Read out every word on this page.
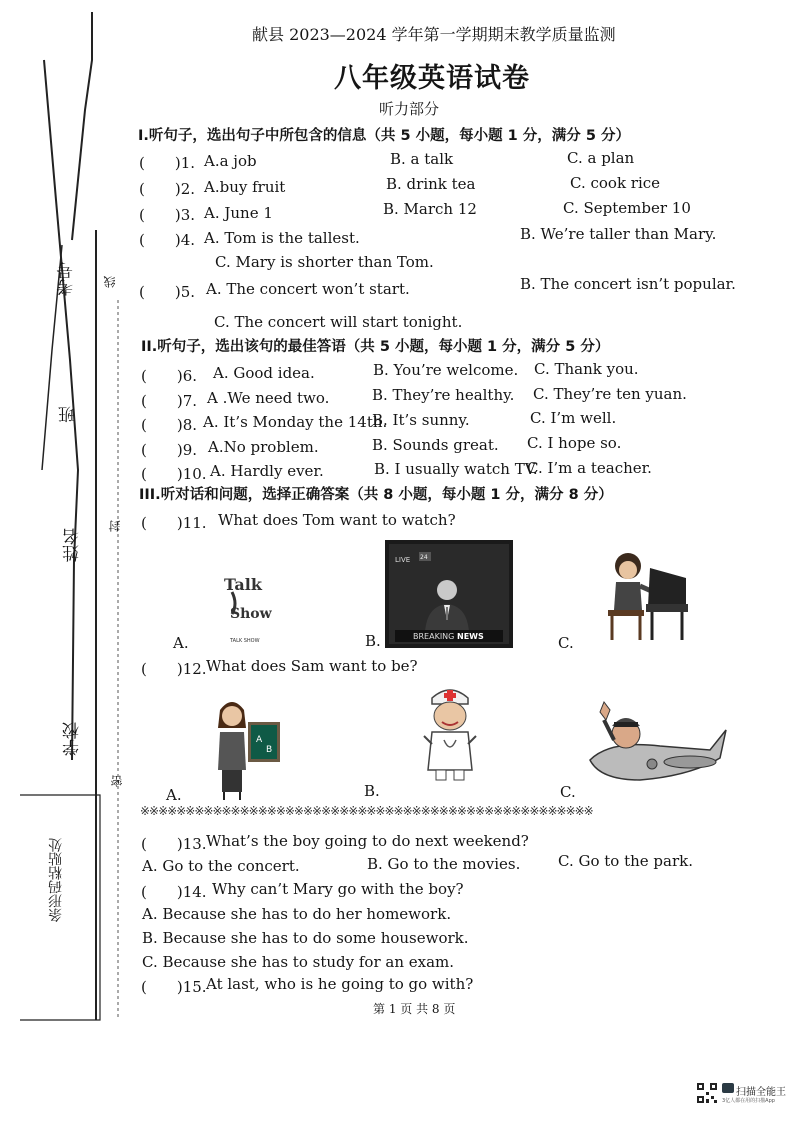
考号
班
姓名
学校
线
封
密
条形码粘贴处
献县 2023—2024 学年第一学期期末教学质量监测
八年级英语试卷
听力部分
I.听句子，选出句子中所包含的信息（共 5 小题，每小题 1 分，满分 5 分）
(　　)1. A.a job	B. a talk	C. a plan
(　　)2. A.buy fruit	B. drink tea	C. cook rice
(　　)3. A. June 1	B. March 12	C. September 10
(　　)4. A. Tom is the tallest.	B. We’re taller than Mary.
C. Mary is shorter than Tom.
(　　)5. A. The concert won’t start.	B. The concert isn’t popular.
C. The concert will start tonight.
II.听句子，选出该句的最佳答语（共 5 小题，每小题 1 分，满分 5 分）
(　　)6. A. Good idea.	B. You’re welcome. C. Thank you.
(　　)7. A .We need two.	B. They’re healthy. C. They’re ten yuan.
(　　)8. A. It’s Monday the 14th.
B. It’s sunny.	C. I’m well.
(　　)9. A.No problem.	B. Sounds great. C. I hope so.
(　　)10. A. Hardly ever.	B. I usually watch TV.
C. I’m a teacher.
III.听对话和问题，选择正确答案（共 8 小题，每小题 1 分，满分 8 分）
(　　)11. What does Tom want to watch?
Talk
Show
TALK SHOW
A.
LIVE 24
BREAKING NEWS
B.	C.
(　　)12. What does Sam want to be?
A
B
A.	B.	C.
※※※※※※※※※※※※※※※※※※※※※※※※※※※※※※※※※※※※※※※※※※※※※※※※※※
(　　)13. What’s the boy going to do next weekend?
A. Go to the concert.	B. Go to the movies.	C. Go to the park.
(　　)14. Why can’t Mary go with the boy?
A. Because she has to do her homework.
B. Because she has to do some housework.
C. Because she has to study for an exam.
(　　)15. At last, who is he going to go with?
第 1 页 共 8 页
扫描全能王
3亿人都在用的扫描App
